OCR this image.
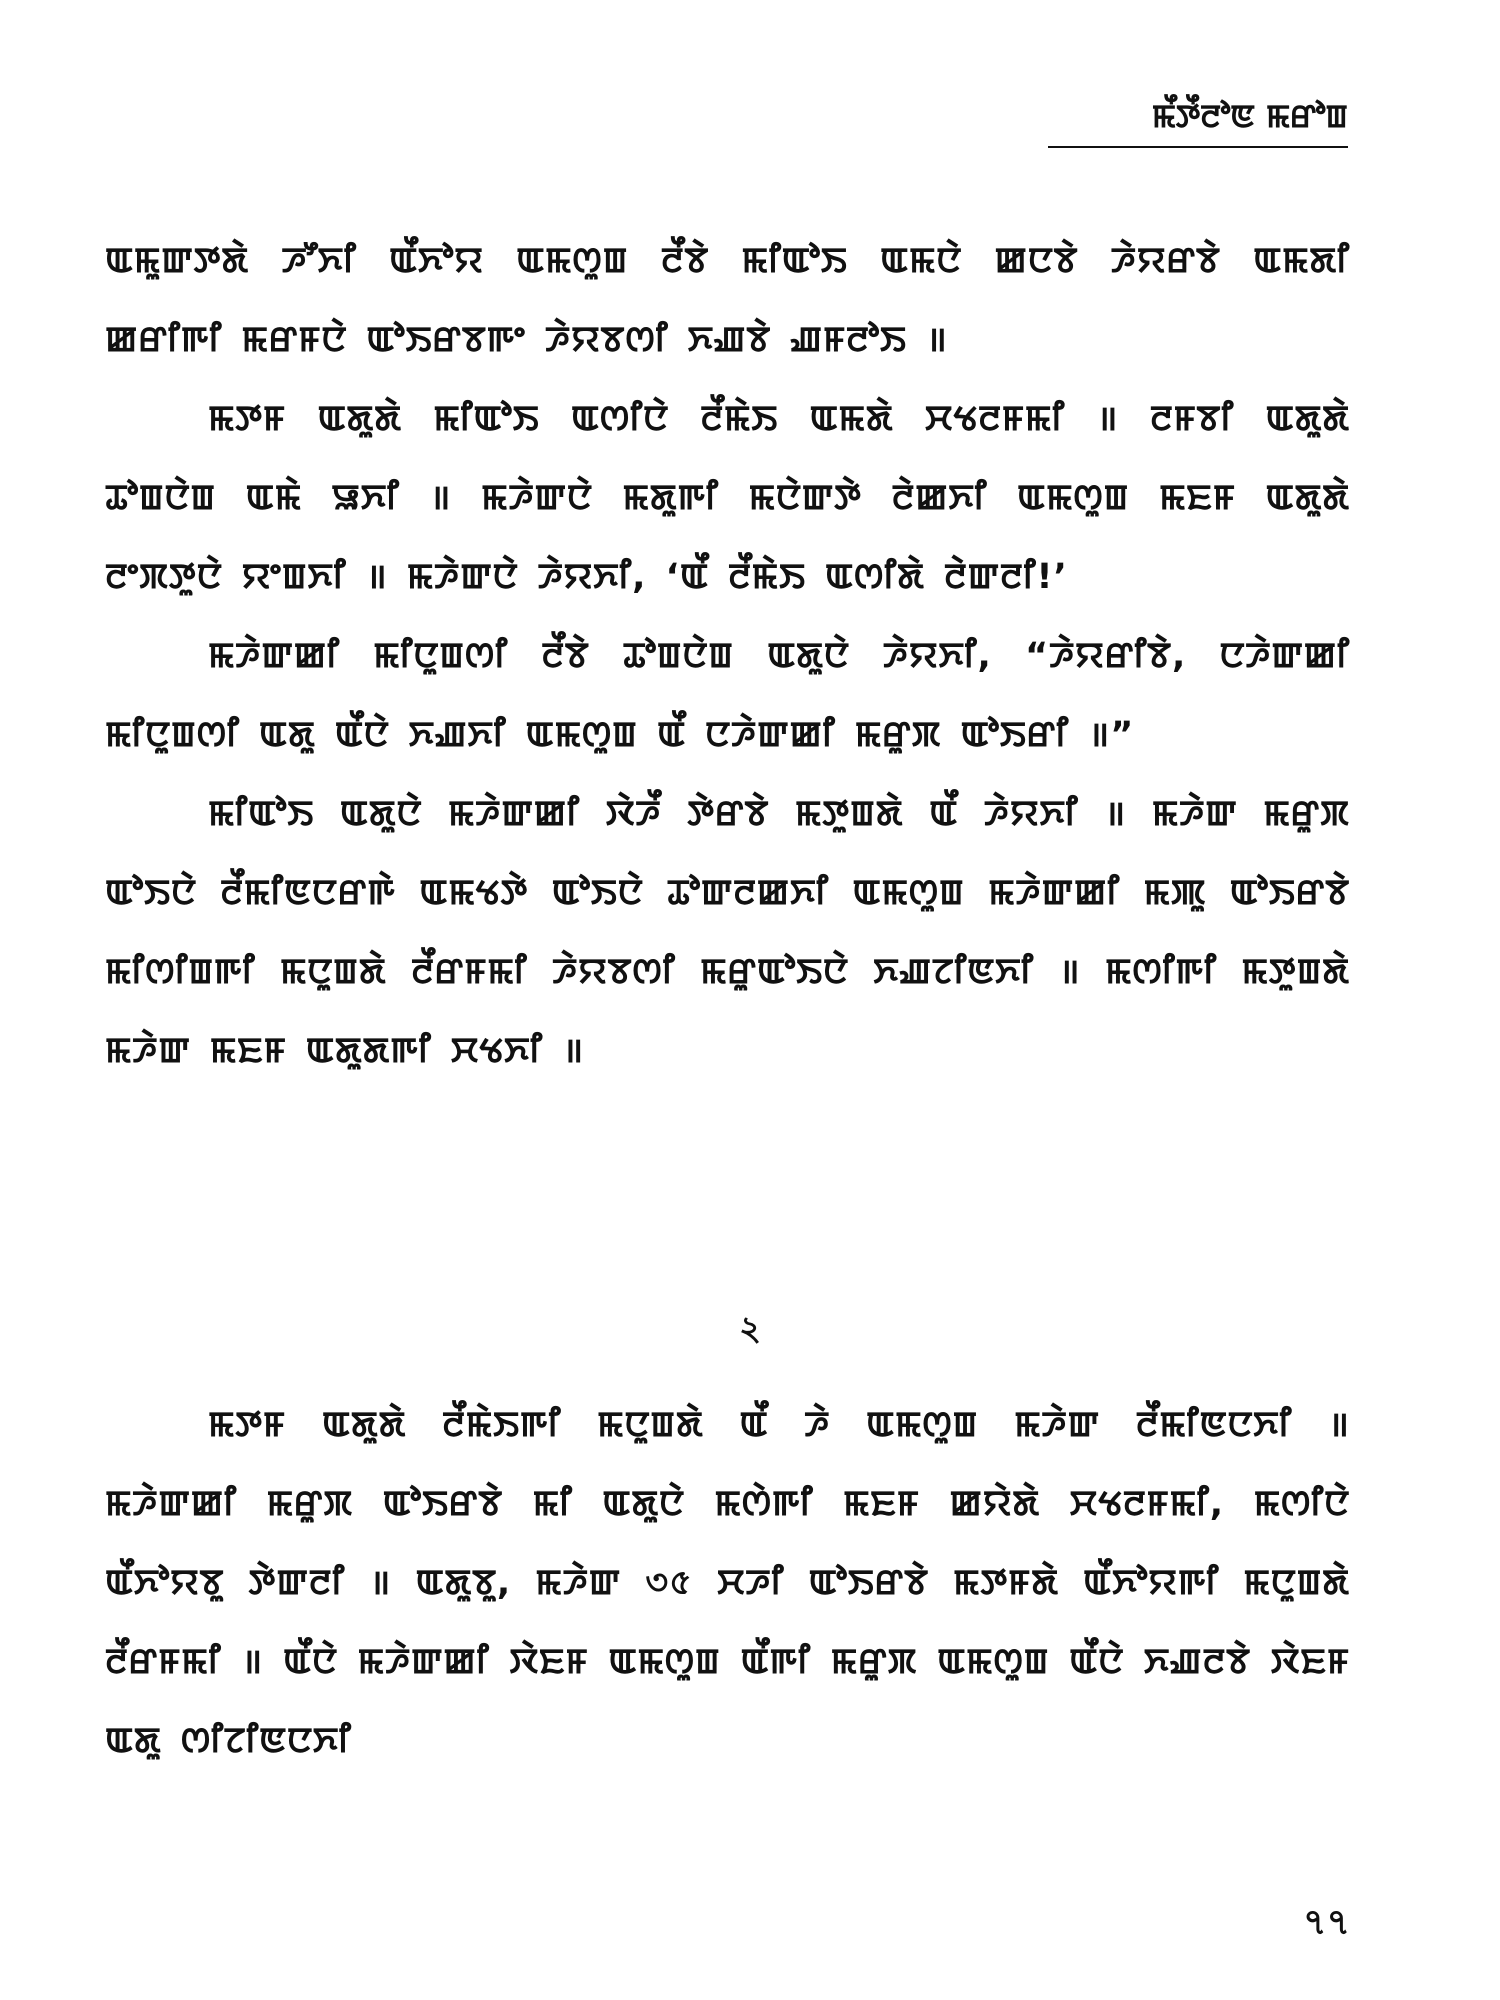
ꯃꯩꯇꯩꯂꯣꯟ ꯃꯔꯣꯡ

ꯑꯃꯨꯛꯇꯗꯥ ꯍꯧꯈꯤ ꯑꯩꯈꯣꯌ ꯑꯃꯁꯨꯡ ꯂꯩꯕꯥ ꯃꯤꯑꯣꯏ ꯑꯃꯅꯥ ꯀꯅꯕꯥ ꯍꯥꯌꯔꯕꯥ ꯑꯃꯗꯤ ꯀꯔꯤꯒꯤ ꯃꯔꯝꯅꯥ ꯑꯣꯏꯔꯕꯒꯦ ꯍꯥꯌꯕꯁꯤ ꯈꯉꯕꯥ ꯉꯝꯂꯣꯏ ॥

ꯃꯇꯝ ꯑꯗꯨꯗꯥ ꯃꯤꯑꯣꯏ ꯑꯁꯤꯅꯥ ꯂꯩꯃꯥꯏ ꯑꯃꯗꯥ ꯆꯠꯂꯝꯃꯤ ॥ ꯂꯝꯕꯤ ꯑꯗꯨꯗꯥ ꯊꯣꯡꯅꯥꯡ ꯑꯃꯥ ꯎꯈꯤ ॥ ꯃꯍꯥꯛꯅꯥ ꯃꯗꯨꯒꯤ ꯃꯅꯥꯛꯇꯥ ꯂꯥꯀꯈꯤ ꯑꯃꯁꯨꯡ ꯃꯐꯝ ꯑꯗꯨꯗꯥ ꯂꯦꯞꯇꯨꯅꯥ ꯌꯦꯡꯈꯤ ॥ ꯃꯍꯥꯛꯅꯥ ꯍꯥꯌꯈꯤ, ‘ꯑꯩ ꯂꯩꯃꯥꯏ ꯑꯁꯤꯗꯥ ꯂꯥꯛꯂꯤ!’

ꯃꯍꯥꯛꯀꯤ ꯃꯤꯅꯨꯡꯁꯤ ꯂꯩꯕꯥ ꯊꯣꯡꯅꯥꯡ ꯑꯗꯨꯅꯥ ꯍꯥꯌꯈꯤ, “ꯍꯥꯌꯔꯤꯕꯥ, ꯅꯍꯥꯛꯀꯤ ꯃꯤꯅꯨꯡꯁꯤ ꯑꯗꯨ ꯑꯩꯅꯥ ꯈꯉꯈꯤ ꯑꯃꯁꯨꯡ ꯑꯩ ꯅꯍꯥꯛꯀꯤ ꯃꯔꯨꯞ ꯑꯣꯏꯔꯤ ॥”

ꯃꯤꯑꯣꯏ ꯑꯗꯨꯅꯥ ꯃꯍꯥꯛꯀꯤ ꯋꯥꯍꯩ ꯇꯥꯔꯕꯥ ꯃꯇꯨꯡꯗꯥ ꯑꯩ ꯍꯥꯌꯈꯤ ॥ ꯃꯍꯥꯛ ꯃꯔꯨꯞ ꯑꯣꯏꯅꯥ ꯂꯩꯃꯤꯟꯅꯔꯒꯥ ꯑꯃꯠꯇꯥ ꯑꯣꯏꯅꯥ ꯊꯣꯛꯂꯀꯈꯤ ꯑꯃꯁꯨꯡ ꯃꯍꯥꯛꯀꯤ ꯃꯄꯨ ꯑꯣꯏꯔꯕꯥ ꯃꯤꯁꯤꯡꯒꯤ ꯃꯅꯨꯡꯗꯥ ꯂꯩꯔꯝꯃꯤ ꯍꯥꯌꯕꯁꯤ ꯃꯔꯨꯑꯣꯏꯅꯥ ꯈꯉꯖꯤꯟꯈꯤ ॥ ꯃꯁꯤꯒꯤ ꯃꯇꯨꯡꯗꯥ ꯃꯍꯥꯛ ꯃꯐꯝ ꯑꯗꯨꯗꯒꯤ ꯆꯠꯈꯤ ॥

২

ꯃꯇꯝ ꯑꯗꯨꯗꯥ ꯂꯩꯃꯥꯏꯒꯤ ꯃꯅꯨꯡꯗꯥ ꯑꯩ ꯍꯥ ꯑꯃꯁꯨꯡ ꯃꯍꯥꯛ ꯂꯩꯃꯤꯟꯅꯈꯤ ॥ ꯃꯍꯥꯛꯀꯤ ꯃꯔꯨꯞ ꯑꯣꯏꯔꯕꯥ ꯃꯤ ꯑꯗꯨꯅꯥ ꯃꯁꯥꯒꯤ ꯃꯐꯝ ꯀꯌꯥꯗꯥ ꯆꯠꯂꯝꯃꯤ, ꯃꯁꯤꯅꯥ ꯑꯩꯈꯣꯌꯕꯨ ꯇꯥꯛꯂꯤ ॥ ꯑꯗꯨꯕꯨ, ꯃꯍꯥꯛ ৩৫ ꯆꯍꯤ ꯑꯣꯏꯔꯕꯥ ꯃꯇꯝꯗꯥ ꯑꯩꯈꯣꯌꯒꯤ ꯃꯅꯨꯡꯗꯥ ꯂꯩꯔꯝꯃꯤ ॥ ꯑꯩꯅꯥ ꯃꯍꯥꯛꯀꯤ ꯋꯥꯐꯝ ꯑꯃꯁꯨꯡ ꯑꯩꯒꯤ ꯃꯔꯨꯞ ꯑꯃꯁꯨꯡ ꯑꯩꯅꯥ ꯈꯉꯂꯕꯥ ꯋꯥꯐꯝ ꯑꯗꯨ ꯁꯤꯖꯤꯟꯅꯈꯤ

৭৭
